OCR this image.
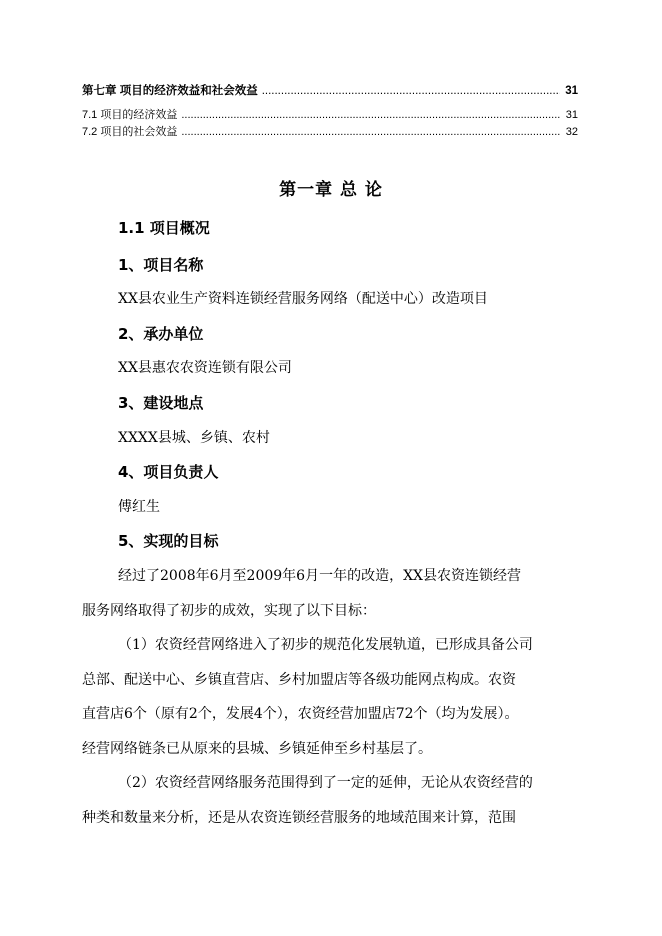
第七章 项目的经济效益和社会效益 .....	31
7.1 项目的经济效益 .....	31
7.2 项目的社会效益 .....	32
第一章 总 论
1.1 项目概况
1、项目名称
XX县农业生产资料连锁经营服务网络（配送中心）改造项目
2、承办单位
XX县惠农农资连锁有限公司
3、建设地点
XXXX县城、乡镇、农村
4、项目负责人
傅红生
5、实现的目标
经过了2008年6月至2009年6月一年的改造，XX县农资连锁经营
服务网络取得了初步的成效，实现了以下目标：
（1）农资经营网络进入了初步的规范化发展轨道，已形成具备公司
总部、配送中心、乡镇直营店、乡村加盟店等各级功能网点构成。农资
直营店6个（原有2个，发展4个），农资经营加盟店72个（均为发展）。
经营网络链条已从原来的县城、乡镇延伸至乡村基层了。
（2）农资经营网络服务范围得到了一定的延伸，无论从农资经营的
种类和数量来分析，还是从农资连锁经营服务的地域范围来计算，范围
